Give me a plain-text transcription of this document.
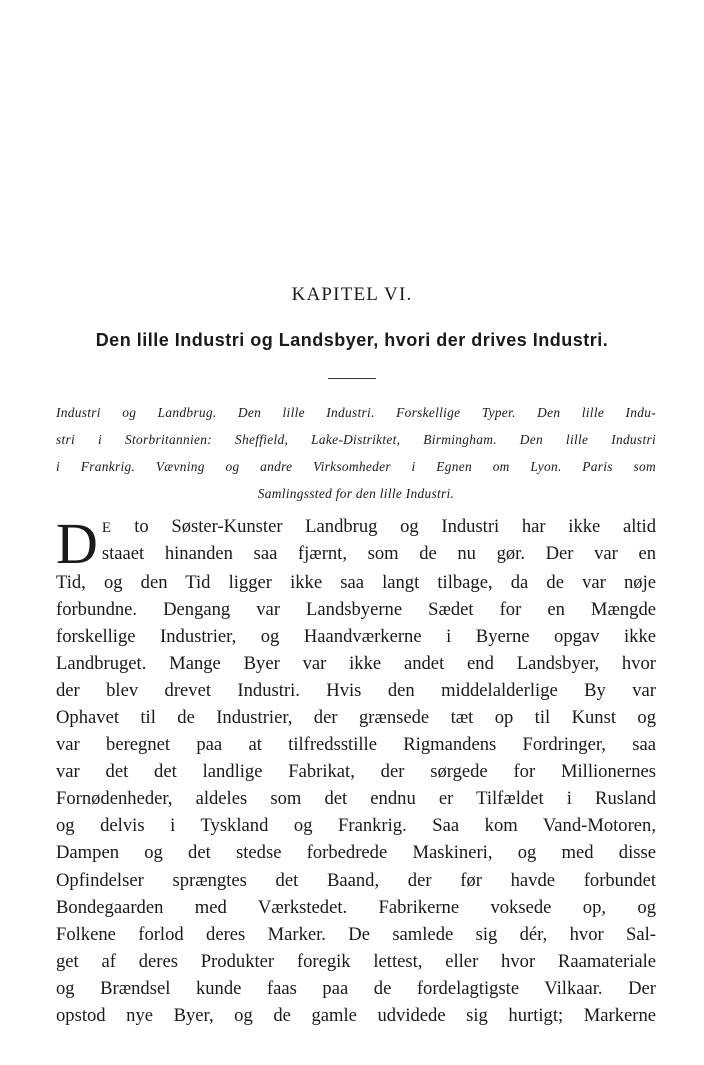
KAPITEL VI.
Den lille Industri og Landsbyer, hvori der drives Industri.
Industri og Landbrug. Den lille Industri. Forskellige Typer. Den lille Indu-
stri i Storbritannien: Sheffield, Lake-Distriktet, Birmingham. Den lille Industri
i Frankrig. Vævning og andre Virksomheder i Egnen om Lyon. Paris som
Samlingssted for den lille Industri.
D E to Søster-Kunster Landbrug og Industri har ikke altid
staaet hinanden saa fjærnt, som de nu gør. Der var en
Tid, og den Tid ligger ikke saa langt tilbage, da de var nøje
forbundne. Dengang var Landsbyerne Sædet for en Mængde
forskellige Industrier, og Haandværkerne i Byerne opgav ikke
Landbruget. Mange Byer var ikke andet end Landsbyer, hvor
der blev drevet Industri. Hvis den middelalderlige By var
Ophavet til de Industrier, der grænsede tæt op til Kunst og
var beregnet paa at tilfredsstille Rigmandens Fordringer, saa
var det det landlige Fabrikat, der sørgede for Millionernes
Fornødenheder, aldeles som det endnu er Tilfældet i Rusland
og delvis i Tyskland og Frankrig. Saa kom Vand-Motoren,
Dampen og det stedse forbedrede Maskineri, og med disse
Opfindelser sprængtes det Baand, der før havde forbundet
Bondegaarden med Værkstedet. Fabrikerne voksede op, og
Folkene forlod deres Marker. De samlede sig dér, hvor Sal-
get af deres Produkter foregik lettest, eller hvor Raamateriale
og Brændsel kunde faas paa de fordelagtigste Vilkaar. Der
opstod nye Byer, og de gamle udvidede sig hurtigt; Markerne
